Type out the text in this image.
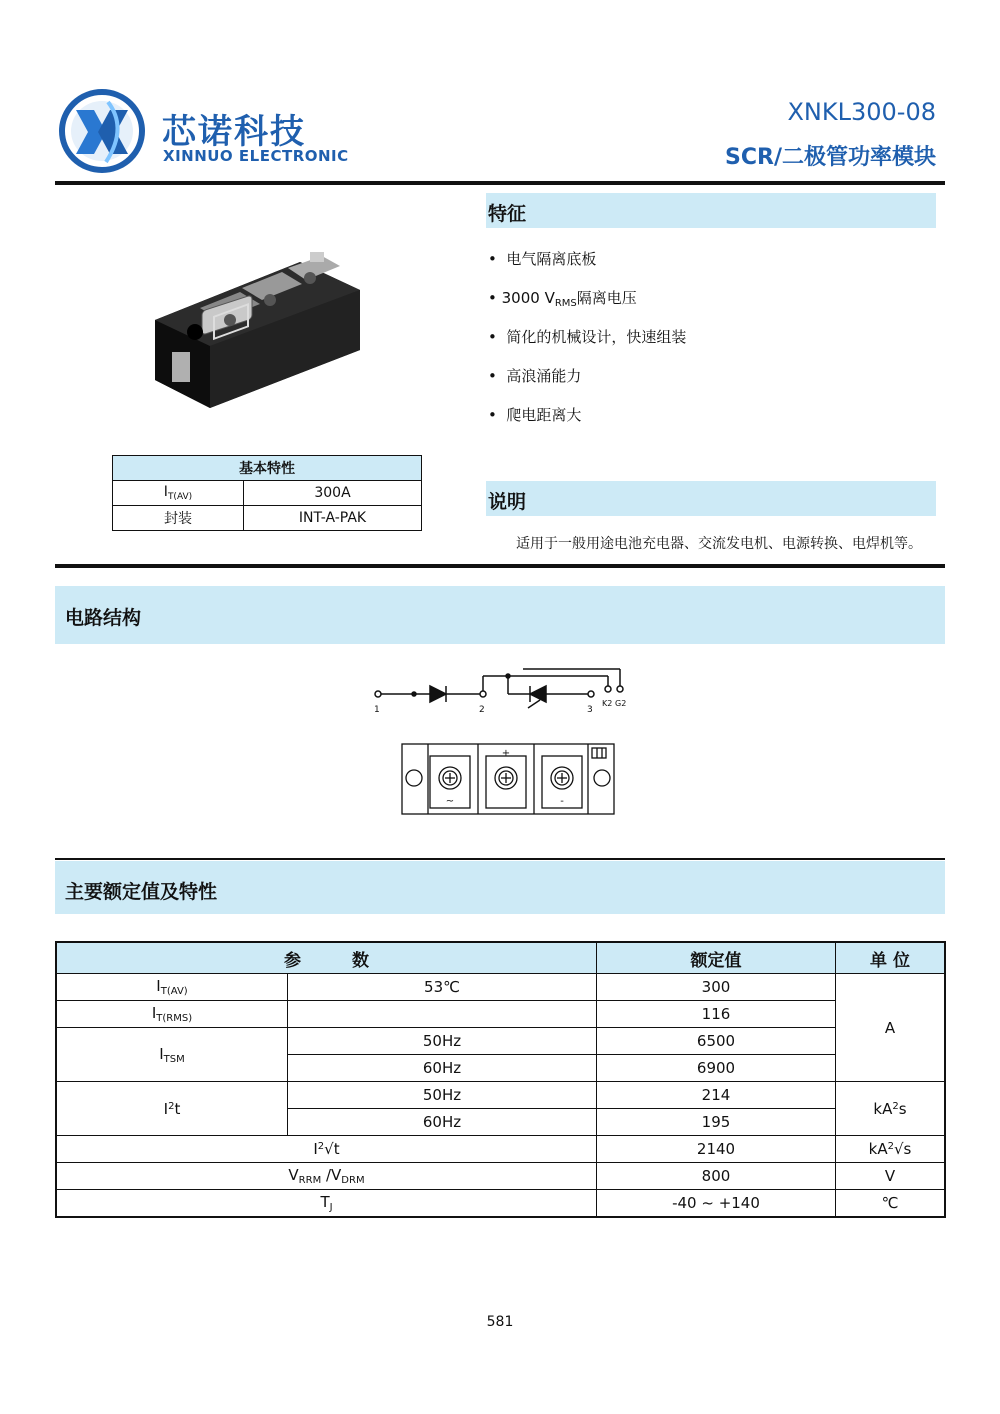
芯诺科技
XINNUO ELECTRONIC
XNKL300-08
SCR/二极管功率模块
基本特性	
$I_{T(AV)}$	300A
封装	INT-A-PAK
特征
•  电气隔离底板
• 3000 $V_{RMS}$隔离电压
•  简化的机械设计，快速组装
•  高浪涌能力
•  爬电距离大
说明
适用于一般用途电池充电器、交流发电机、电源转换、电焊机等。
电路结构
1	2	3
K2 G2
~
+
-
主要额定值及特性
参　　　数		额定值	单 位
$I_{T(AV)}$	53℃	300	A
$I_{T(RMS)}$		116	
$I_{TSM}$	50Hz	6500	
	60Hz	6900	
$I^2t$	50Hz	214	$kA^2s$
	60Hz	195	
$I^2√t$		2140	$kA^2√s$
$V_{RRM}$ $/V_{DRM}$		800	V
$T_J$		-40 ~ +140	℃
581
